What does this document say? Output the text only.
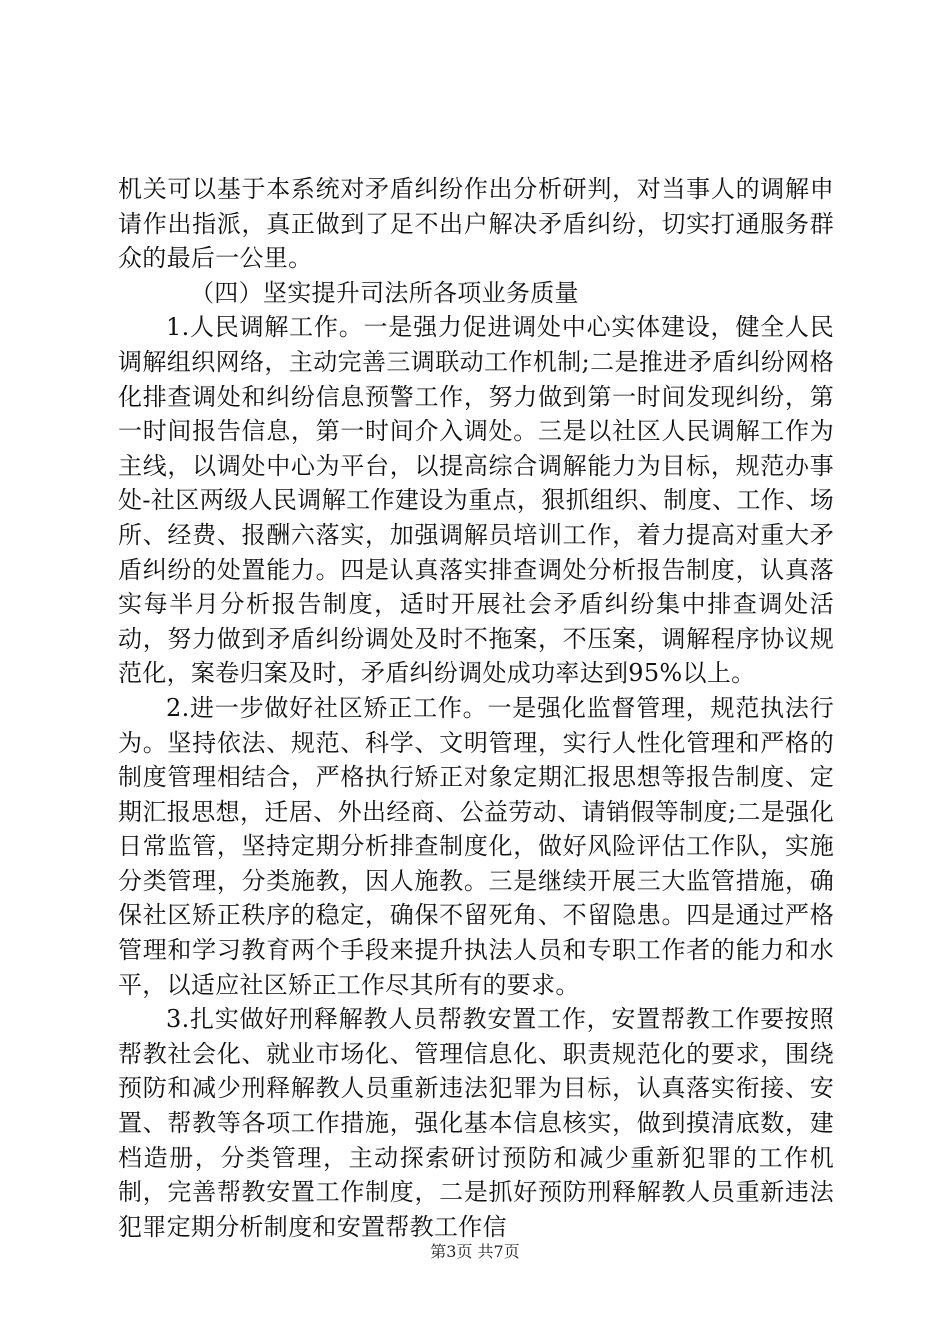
机关可以基于本系统对矛盾纠纷作出分析研判，对当事人的调解申请作出指派，真正做到了足不出户解决矛盾纠纷，切实打通服务群众的最后一公里。

（四）坚实提升司法所各项业务质量

1.人民调解工作。一是强力促进调处中心实体建设，健全人民调解组织网络，主动完善三调联动工作机制;二是推进矛盾纠纷网格化排查调处和纠纷信息预警工作，努力做到第一时间发现纠纷，第一时间报告信息，第一时间介入调处。三是以社区人民调解工作为主线，以调处中心为平台，以提高综合调解能力为目标，规范办事处-社区两级人民调解工作建设为重点，狠抓组织、制度、工作、场所、经费、报酬六落实，加强调解员培训工作，着力提高对重大矛盾纠纷的处置能力。四是认真落实排查调处分析报告制度，认真落实每半月分析报告制度，适时开展社会矛盾纠纷集中排查调处活动，努力做到矛盾纠纷调处及时不拖案，不压案，调解程序协议规范化，案卷归案及时，矛盾纠纷调处成功率达到95%以上。

2.进一步做好社区矫正工作。一是强化监督管理，规范执法行为。坚持依法、规范、科学、文明管理，实行人性化管理和严格的制度管理相结合，严格执行矫正对象定期汇报思想等报告制度、定期汇报思想，迁居、外出经商、公益劳动、请销假等制度;二是强化日常监管，坚持定期分析排查制度化，做好风险评估工作队，实施分类管理，分类施教，因人施教。三是继续开展三大监管措施，确保社区矫正秩序的稳定，确保不留死角、不留隐患。四是通过严格管理和学习教育两个手段来提升执法人员和专职工作者的能力和水平，以适应社区矫正工作尽其所有的要求。

3.扎实做好刑释解教人员帮教安置工作，安置帮教工作要按照帮教社会化、就业市场化、管理信息化、职责规范化的要求，围绕预防和减少刑释解教人员重新违法犯罪为目标，认真落实衔接、安置、帮教等各项工作措施，强化基本信息核实，做到摸清底数，建档造册，分类管理，主动探索研讨预防和减少重新犯罪的工作机制，完善帮教安置工作制度，二是抓好预防刑释解教人员重新违法犯罪定期分析制度和安置帮教工作信

第3页 共7页
